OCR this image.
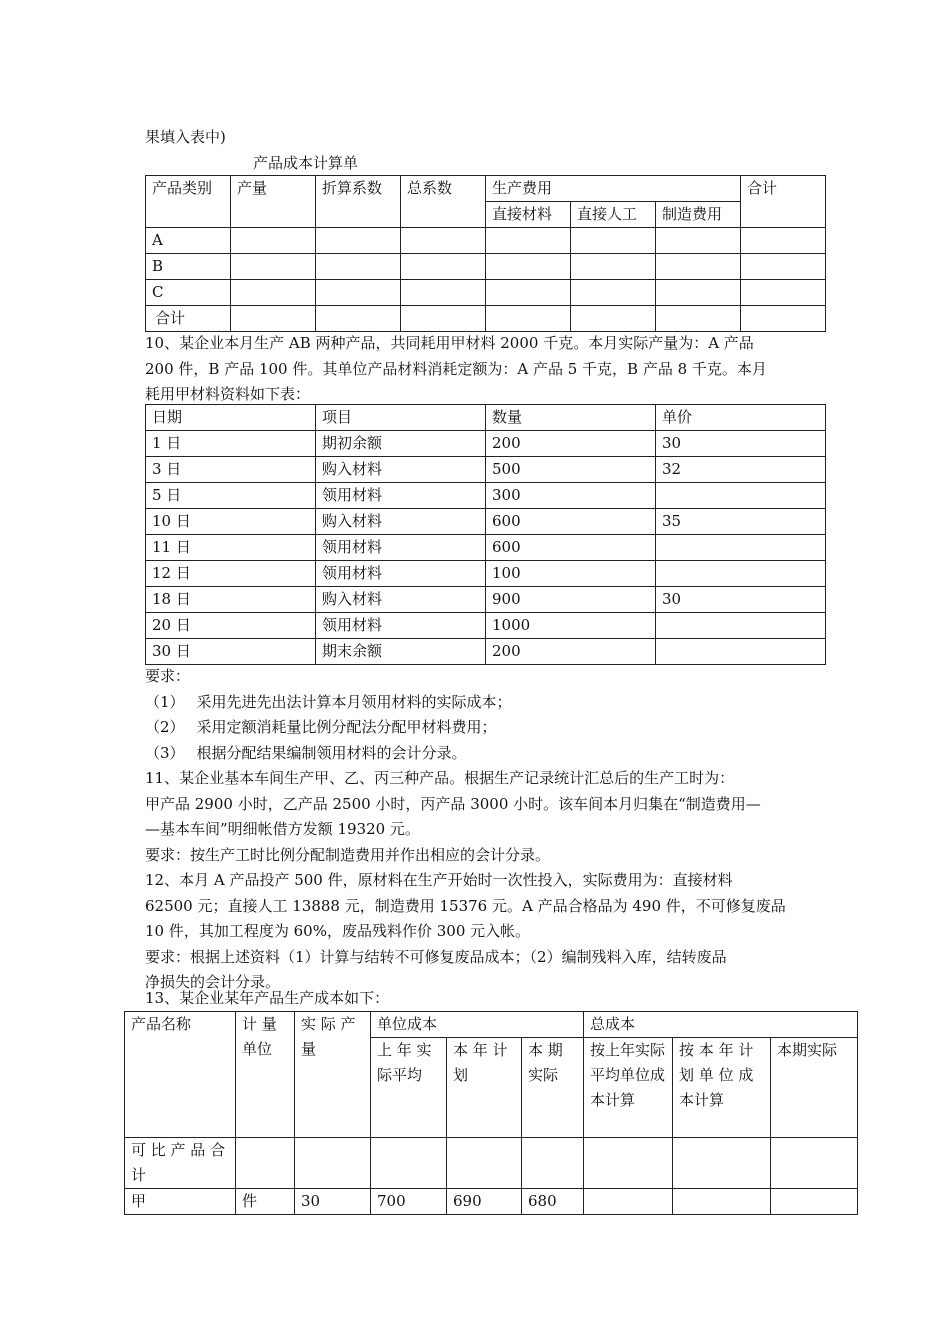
果填入表中)

产品成本计算单
产品类别	产量	折算系数	总系数	生产费用			合计
				直接材料	直接人工	制造费用	
A							
B							
C							
合计							

10、某企业本月生产 AB 两种产品，共同耗用甲材料 2000 千克。本月实际产量为：A 产品

200 件，B 产品 100 件。其单位产品材料消耗定额为：A 产品 5 千克，B 产品 8 千克。本月

耗用甲材料资料如下表：

日期	项目	数量	单价
1 日	期初余额	200	30
3 日	购入材料	500	32
5 日	领用材料	300	
10 日	购入材料	600	35
11 日	领用材料	600	
12 日	领用材料	100	
18 日	购入材料	900	30
20 日	领用材料	1000	
30 日	期末余额	200	

要求：

（1） 采用先进先出法计算本月领用材料的实际成本；

（2） 采用定额消耗量比例分配法分配甲材料费用；

（3） 根据分配结果编制领用材料的会计分录。

11、某企业基本车间生产甲、乙、丙三种产品。根据生产记录统计汇总后的生产工时为：

甲产品 2900 小时，乙产品 2500 小时，丙产品 3000 小时。该车间本月归集在“制造费用—

—基本车间”明细帐借方发额 19320 元。

要求：按生产工时比例分配制造费用并作出相应的会计分录。

12、本月 A 产品投产 500 件，原材料在生产开始时一次性投入，实际费用为：直接材料

62500 元；直接人工 13888 元，制造费用 15376 元。A 产品合格品为 490 件，不可修复废品

10 件，其加工程度为 60%，废品残料作价 300 元入帐。

要求：根据上述资料（1）计算与结转不可修复废品成本；（2）编制残料入库，结转废品

净损失的会计分录。

13、某企业某年产品生产成本如下：

产品名称	计 量 单位	实 际 产 量	单位成本			总成本		
			上 年 实 际平均	本 年 计 划	本 期 实际	按上年实际平均单位成本计算	按 本 年 计 划 单 位 成 本计算	本期实际
可 比 产 品 合 计								
甲	件	30	700	690	680			
